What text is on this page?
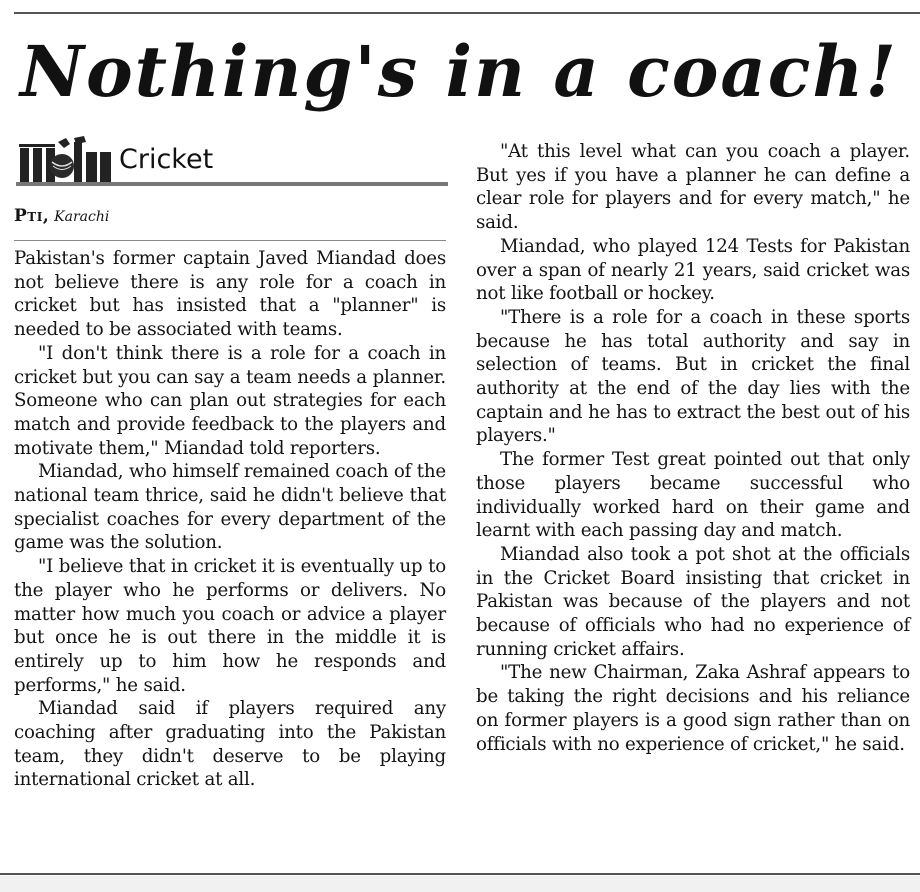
Nothing's in a coach!
Cricket
Pti, Karachi

Pakistan's former captain Javed Miandad does not believe there is any role for a coach in cricket but has insisted that a "planner" is needed to be associated with teams.

"I don't think there is a role for a coach in cricket but you can say a team needs a planner. Someone who can plan out strategies for each match and provide feedback to the players and motivate them," Miandad told reporters.

Miandad, who himself remained coach of the national team thrice, said he didn't believe that specialist coaches for every department of the game was the solution.

"I believe that in cricket it is eventually up to the player who he performs or delivers. No matter how much you coach or advice a player but once he is out there in the middle it is entirely up to him how he responds and performs," he said.

Miandad said if players required any coaching after graduating into the Pakistan team, they didn't deserve to be playing international cricket at all.

"At this level what can you coach a player. But yes if you have a planner he can define a clear role for players and for every match," he said.

Miandad, who played 124 Tests for Pakistan over a span of nearly 21 years, said cricket was not like football or hockey.

"There is a role for a coach in these sports because he has total authority and say in selection of teams. But in cricket the final authority at the end of the day lies with the captain and he has to extract the best out of his players."

The former Test great pointed out that only those players became successful who individually worked hard on their game and learnt with each passing day and match.

Miandad also took a pot shot at the officials in the Cricket Board insisting that cricket in Pakistan was because of the players and not because of officials who had no experience of running cricket affairs.

"The new Chairman, Zaka Ashraf appears to be taking the right decisions and his reliance on former players is a good sign rather than on officials with no experience of cricket," he said.
